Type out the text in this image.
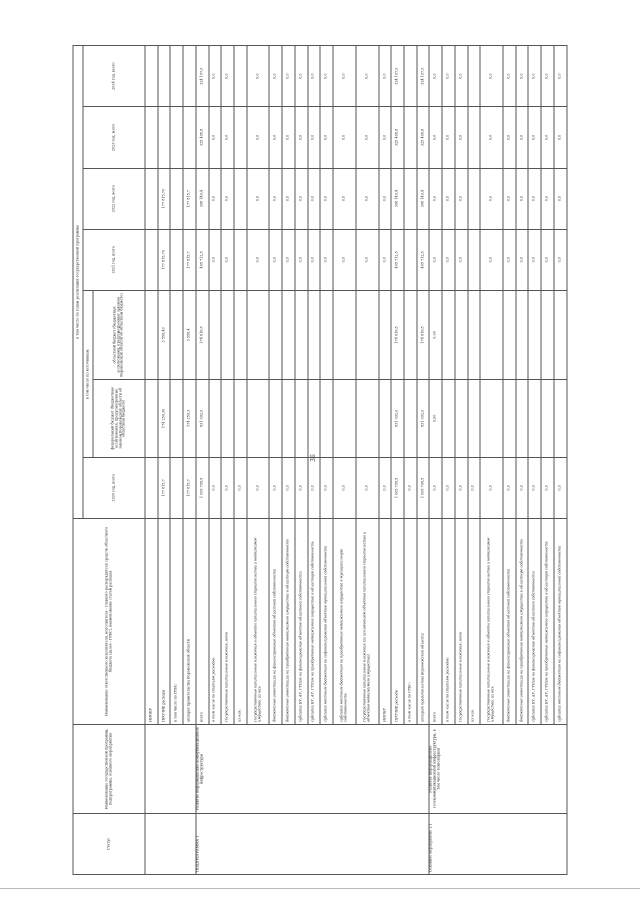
36
Статус	Наименование государственной программы, подпрограммы, основного мероприятия	Наименование ответственного исполнителя, исполнителя - главного распорядителя средств областного бюджета (далее - ГРБС), наименование статей расходов	в том числе по годам реализации государственной программы						
			2020 год, всего	в том числе по источникам:		2021 год, всего	2022 год, всего	2023 год, всего	2024 год, всего
				федеральный бюджет (бюджетные ассигнования, предусмотренные законом Воронежской области об областном бюджете)	областной бюджет (бюджетные ассигнования, предусмотренные законом Воронежской области об областном бюджете)				
		НИОКР							
		ПРОЧИЕ расходы	177 815,7	174 259,30	3 556,40	177 815,70	177 815,70		
		в том числе по ГРБС:							
		аппарат правительства Воронежской области	177 815,7	174 259,3	3 556,4	177 815,7	177 815,7		
ПОДПРОГРАММА 1	Развитие информационно-коммуникационной инфраструктуры	всего	1 005 708,5	831 092,0	174 616,5	405 712,5	398 149,4	325 408,8	324 107,0
		в том числе по статьям расходов:	0,0			0,0	0,0	0,0	0,0
		Государственные капитальные вложения, всего	0,0			0,0	0,0	0,0	0,0
		из них:	0,0						
		Государственные капитальные вложения в объекты капитального строительства и недвижимое имущество, из них:	0,0			0,0	0,0	0,0	0,0
		бюджетные инвестиции на финансирование объектов областной собственности	0,0			0,0	0,0	0,0	0,0
		бюджетные инвестиции на приобретение недвижимого имущества в областную собственность	0,0			0,0	0,0	0,0	0,0
		субсидии БУ, АУ, ГУПам на финансирование объектов областной собственности	0,0			0,0	0,0	0,0	0,0
		субсидии БУ, АУ, ГУПам на приобретение недвижимого имущества в областную собственность	0,0			0,0	0,0	0,0	0,0
		субсидии местным бюджетам на софинансирование объектов муниципальной собственности	0,0			0,0	0,0	0,0	0,0
		субсидии местным бюджетам на приобретение недвижимого имущества в муниципальную собственность	0,0			0,0	0,0	0,0	0,0
		Государственные капитальные вложения (за исключением объектов капитального строительства и объектов недвижимого имущества)	0,0			0,0	0,0	0,0	0,0
		НИОКР	0,0			0,0	0,0	0,0	0,0
		ПРОЧИЕ расходы	1 005 708,5	831 092,0	174 616,5	405 712,5	398 149,4	325 408,8	324 107,0
		в том числе по ГРБС:	0,0						
		аппарат правительства Воронежской области	1 005 708,5	831 092,0	174 616,5	405 712,5	398 149,4	325 408,8	324 107,0
Основное мероприятие 1.1	Развитие информационно-телекоммуникационной инфраструктуры, в том числе технопарков	всего	0,0	0,00	0,00	0,0	0,0	0,0	0,0
		в том числе по статьям расходов:	0,0			0,0	0,0	0,0	0,0
		Государственные капитальные вложения, всего	0,0			0,0	0,0	0,0	0,0
		из них:	0,0						
		Государственные капитальные вложения в объекты капитального строительства и недвижимое имущество, из них:	0,0			0,0	0,0	0,0	0,0
		бюджетные инвестиции на финансирование объектов областной собственности	0,0			0,0	0,0	0,0	0,0
		бюджетные инвестиции на приобретение недвижимого имущества в областную собственность	0,0			0,0	0,0	0,0	0,0
		субсидии БУ, АУ, ГУПам на финансирование объектов областной собственности	0,0			0,0	0,0	0,0	0,0
		субсидии БУ, АУ, ГУПам на приобретение недвижимого имущества в областную собственность	0,0			0,0	0,0	0,0	0,0
		субсидии местным бюджетам на софинансирование объектов муниципальной собственности	0,0			0,0	0,0	0,0	0,0
